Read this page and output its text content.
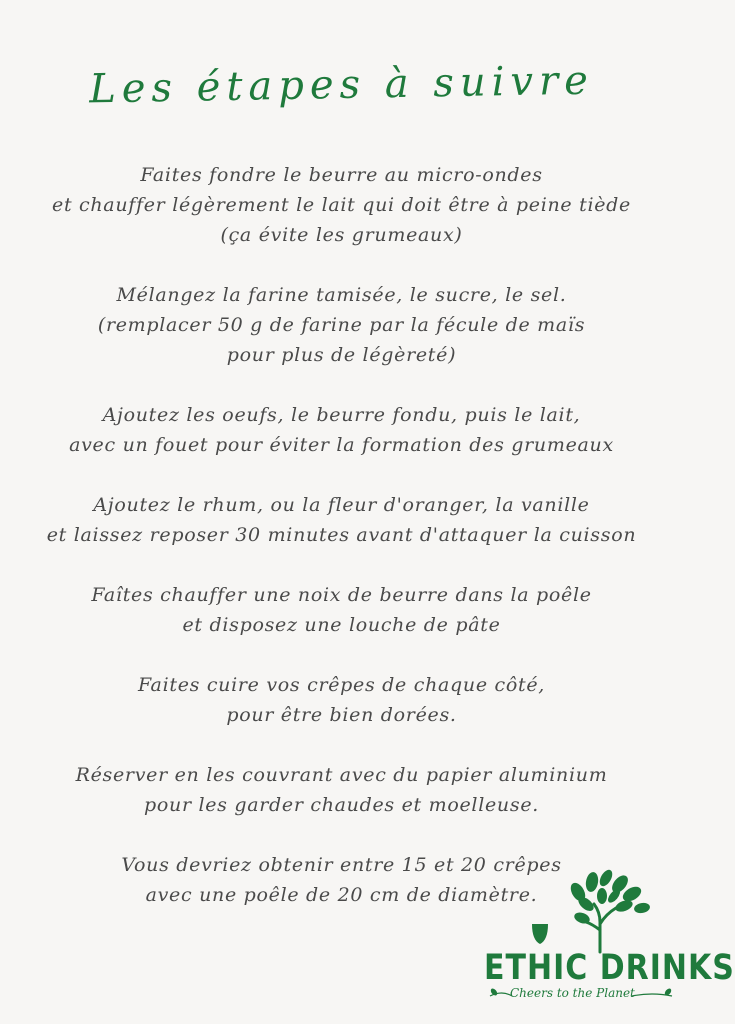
Les étapes à suivre
Faites fondre le beurre au micro-ondes
et chauffer légèrement le lait qui doit être à peine tiède
(ça évite les grumeaux)
Mélangez la farine tamisée, le sucre, le sel.
(remplacer 50 g de farine par la fécule de maïs
pour plus de légèreté)
Ajoutez les oeufs, le beurre fondu, puis le lait,
avec un fouet pour éviter la formation des grumeaux
Ajoutez le rhum, ou la fleur d'oranger, la vanille
et laissez reposer 30 minutes avant d'attaquer la cuisson
Faîtes chauffer une noix de beurre dans la poêle
et disposez une louche de pâte
Faites cuire vos crêpes de chaque côté,
pour être bien dorées.
Réserver en les couvrant avec du papier aluminium
pour les garder chaudes et moelleuse.
Vous devriez obtenir entre 15 et 20 crêpes
avec une poêle de 20 cm de diamètre.
ETHIC DRINKS
Cheers to the Planet
